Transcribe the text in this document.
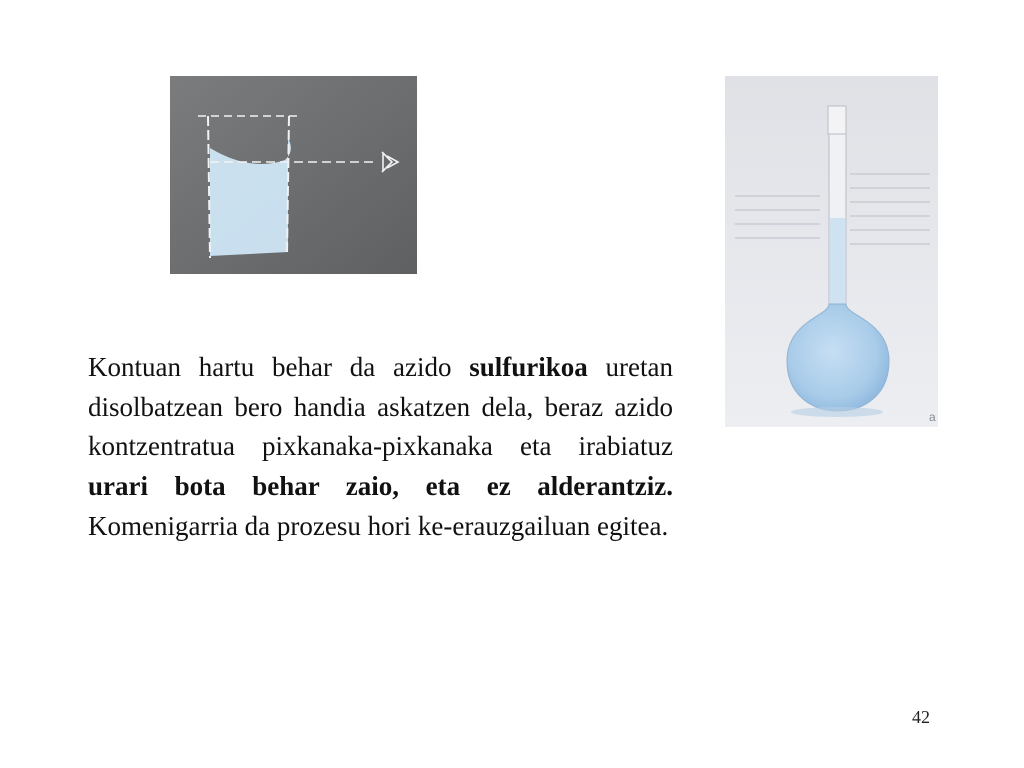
a

Kontuan hartu behar da azido sulfurikoa uretan disolbatzean bero handia askatzen dela, beraz azido kontzentratua pixkanaka-pixkanaka eta irabiatuz urari bota behar zaio, eta ez alderantziz. Komenigarria da prozesu hori ke-erauzgailuan egitea.

42
